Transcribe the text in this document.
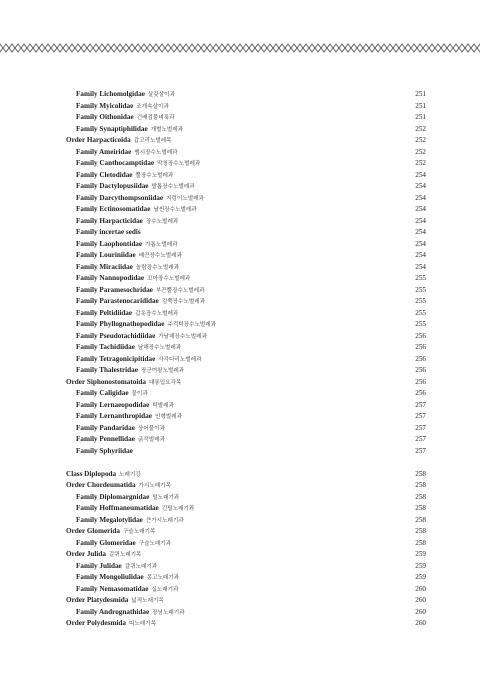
Family Lichomolgidae 살갗살이과	251
Family Myicolidae 조개속살이과	251
Family Oithonidae 긴배검물벼룩과	251
Family Synaptiphilidae 개벌노벌레과	252
Order Harpacticoida 갑고리노벌레목	252
Family Ameiridae 뱀시장수노벌레과	252
Family Canthocamptidae 막청장수노벌레과	252
Family Cletodidae 뿔장수노벌레과	254
Family Dactylopusiidae 발톱장수노벌레과	254
Family Darcythompsoniidae 지렁이노벌레과	254
Family Ectinosomatidae 날씬장수노벌레과	254
Family Harpacticidae 장수노벌레과	254
Family incertae sedis	254
Family Laophontidae 가톱노벌레과	254
Family Louriniidae 배끈장수노벌레과	254
Family Miraciidae 놀람장수노벌레과	254
Family Nannopodidae 꼬마장수노벌레과	255
Family Paramesochridae 부끈뿔장수노벌레과	255
Family Parastenocarididae 김쭉장수노벌레과	255
Family Peltidiidae 갑옷장수노벌레과	255
Family Phyllognathopodidae 주걱턱장수노벌레과	255
Family Pseudotachidiidae 가남해장수노벌레과	256
Family Tachidiidae 남해장수노벌레과	256
Family Tetragonicipitidae 사각다리노벌레과	256
Family Thalestridae 장군여왕노벌레과	256
Order Siphonostomatoida 대롱입요각목	256
Family Caligidae 물이과	256
Family Lernaeopodidae 턱벌레과	257
Family Lernanthropidae 인형벌레과	257
Family Pandaridae 상어물이과	257
Family Pennellidae 긁작벌레과	257
Family Sphyriidae	257
Class Diplopoda 노래기강	258
Order Chordeumatida 가시노래기목	258
Family Diplomargnidae 털노래기과	258
Family Hoffmaneumatidae 긴털노래기과	258
Family Megalotylidae 큰가시노래기과	258
Order Glomerida 구슬노래기목	258
Family Glomeridae 구슬노래기과	258
Order Julida 갈퀴노래기목	259
Family Julidae 갈퀴노래기과	259
Family Mongoliulidae 몽고노래기과	259
Family Nemasomatidae 실노래기과	260
Order Platydesmida 넓적노래기목	260
Family Andrognathidae 장님노래기과	260
Order Polydesmida 띠노래기목	260
